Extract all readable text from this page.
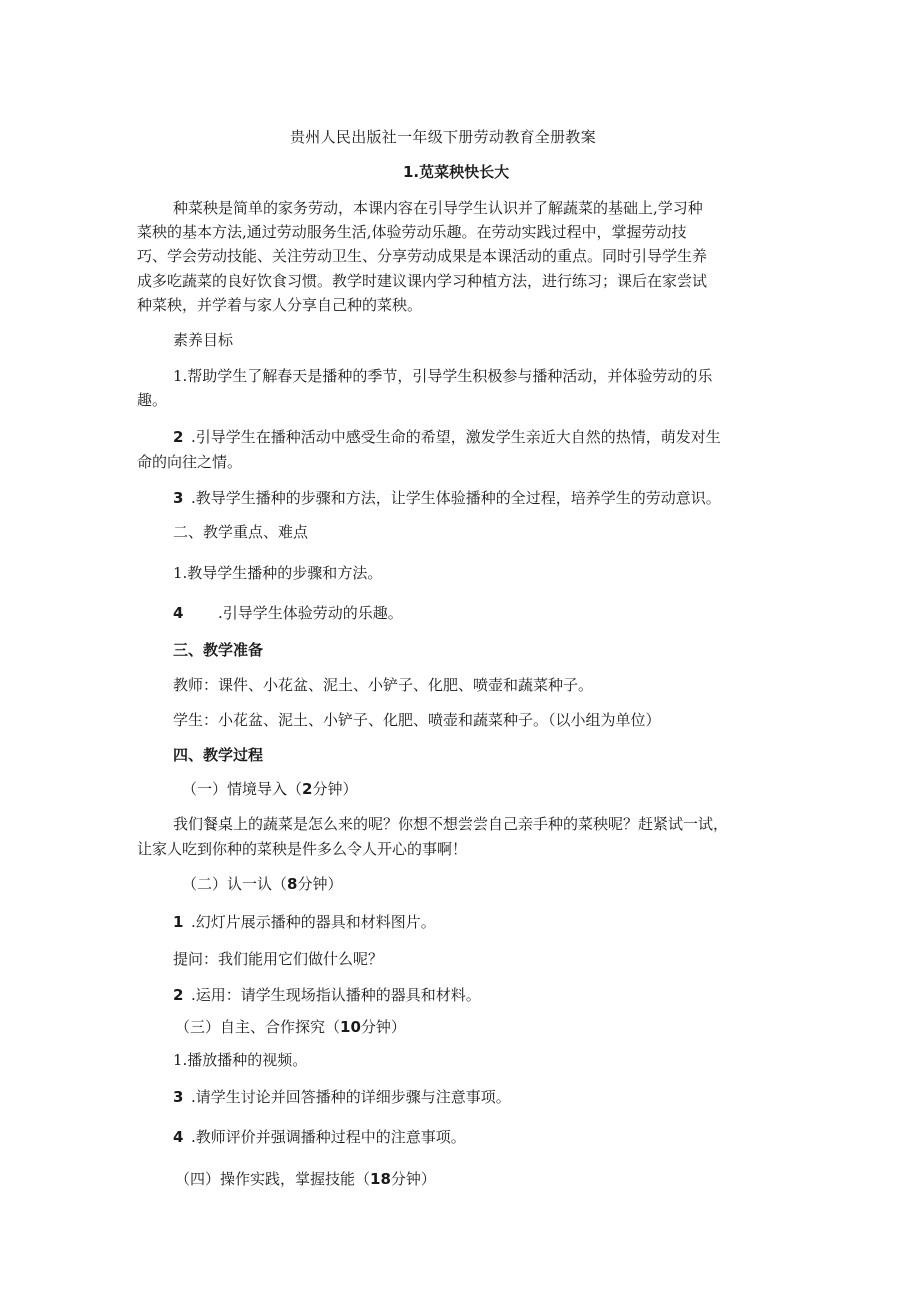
贵州人民出版社一年级下册劳动教育全册教案
1.苋菜秧快长大
种菜秧是简单的家务劳动，本课内容在引导学生认识并了解蔬菜的基础上,学习种
菜秧的基本方法,通过劳动服务生活,体验劳动乐趣。在劳动实践过程中，掌握劳动技
巧、学会劳动技能、关注劳动卫生、分享劳动成果是本课活动的重点。同时引导学生养
成多吃蔬菜的良好饮食习惯。教学时建议课内学习种植方法，进行练习；课后在家尝试
种菜秧，并学着与家人分享自己种的菜秧。
素养目标
1.帮助学生了解春天是播种的季节，引导学生积极参与播种活动，并体验劳动的乐
趣。
2 .引导学生在播种活动中感受生命的希望，激发学生亲近大自然的热情，萌发对生
命的向往之情。
3 .教导学生播种的步骤和方法，让学生体验播种的全过程，培养学生的劳动意识。
二、教学重点、难点
1.教导学生播种的步骤和方法。
4 .引导学生体验劳动的乐趣。
三、教学准备
教师：课件、小花盆、泥土、小铲子、化肥、喷壶和蔬菜种子。
学生：小花盆、泥土、小铲子、化肥、喷壶和蔬菜种子。（以小组为单位）
四、教学过程
（一）情境导入（2分钟）
我们餐桌上的蔬菜是怎么来的呢？你想不想尝尝自己亲手种的菜秧呢？赶紧试一试，
让家人吃到你种的菜秧是件多么令人开心的事啊！
（二）认一认（8分钟）
1 .幻灯片展示播种的器具和材料图片。
提问：我们能用它们做什么呢？
2 .运用：请学生现场指认播种的器具和材料。
（三）自主、合作探究（10分钟）
1.播放播种的视频。
3 .请学生讨论并回答播种的详细步骤与注意事项。
4 .教师评价并强调播种过程中的注意事项。
（四）操作实践，掌握技能（18分钟）
